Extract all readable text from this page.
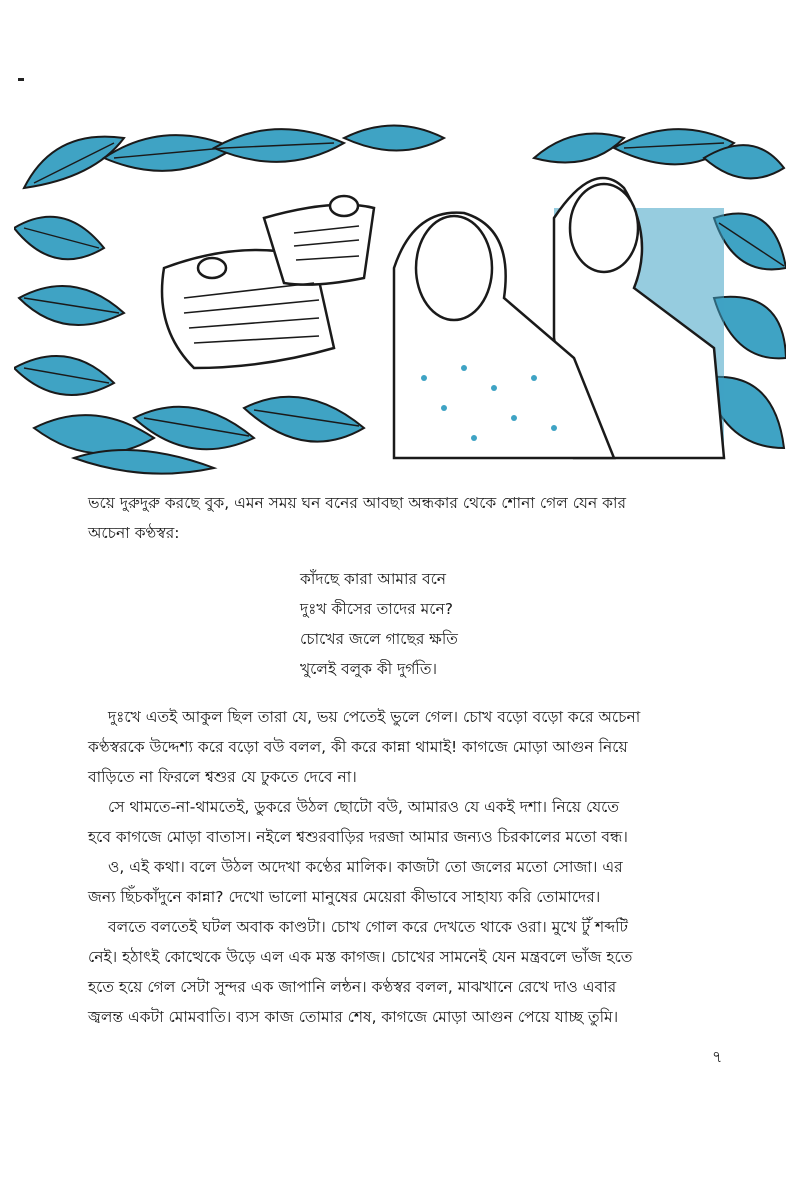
ভয়ে দুরুদুরু করছে বুক, এমন সময় ঘন বনের আবছা অন্ধকার থেকে শোনা গেল যেন কার
অচেনা কণ্ঠস্বর:

কাঁদছে কারা আমার বনে
দুঃখ কীসের তাদের মনে?
চোখের জলে গাছের ক্ষতি
খুলেই বলুক কী দুর্গতি।

দুঃখে এতই আকুল ছিল তারা যে, ভয় পেতেই ভুলে গেল। চোখ বড়ো বড়ো করে অচেনা
কণ্ঠস্বরকে উদ্দেশ্য করে বড়ো বউ বলল, কী করে কান্না থামাই! কাগজে মোড়া আগুন নিয়ে
বাড়িতে না ফিরলে শ্বশুর যে ঢুকতে দেবে না।

সে থামতে-না-থামতেই, ডুকরে উঠল ছোটো বউ, আমারও যে একই দশা। নিয়ে যেতে
হবে কাগজে মোড়া বাতাস। নইলে শ্বশুরবাড়ির দরজা আমার জন্যও চিরকালের মতো বন্ধ।

ও, এই কথা। বলে উঠল অদেখা কণ্ঠের মালিক। কাজটা তো জলের মতো সোজা। এর
জন্য ছিঁচকাঁদুনে কান্না? দেখো ভালো মানুষের মেয়েরা কীভাবে সাহায্য করি তোমাদের।

বলতে বলতেই ঘটল অবাক কাণ্ডটা। চোখ গোল করে দেখতে থাকে ওরা। মুখে টুঁ শব্দটি
নেই। হঠাৎই কোত্থেকে উড়ে এল এক মস্ত কাগজ। চোখের সামনেই যেন মন্ত্রবলে ভাঁজ হতে
হতে হয়ে গেল সেটা সুন্দর এক জাপানি লন্ঠন। কণ্ঠস্বর বলল, মাঝখানে রেখে দাও এবার
জ্বলন্ত একটা মোমবাতি। ব্যস কাজ তোমার শেষ, কাগজে মোড়া আগুন পেয়ে যাচ্ছ তুমি।

৭
